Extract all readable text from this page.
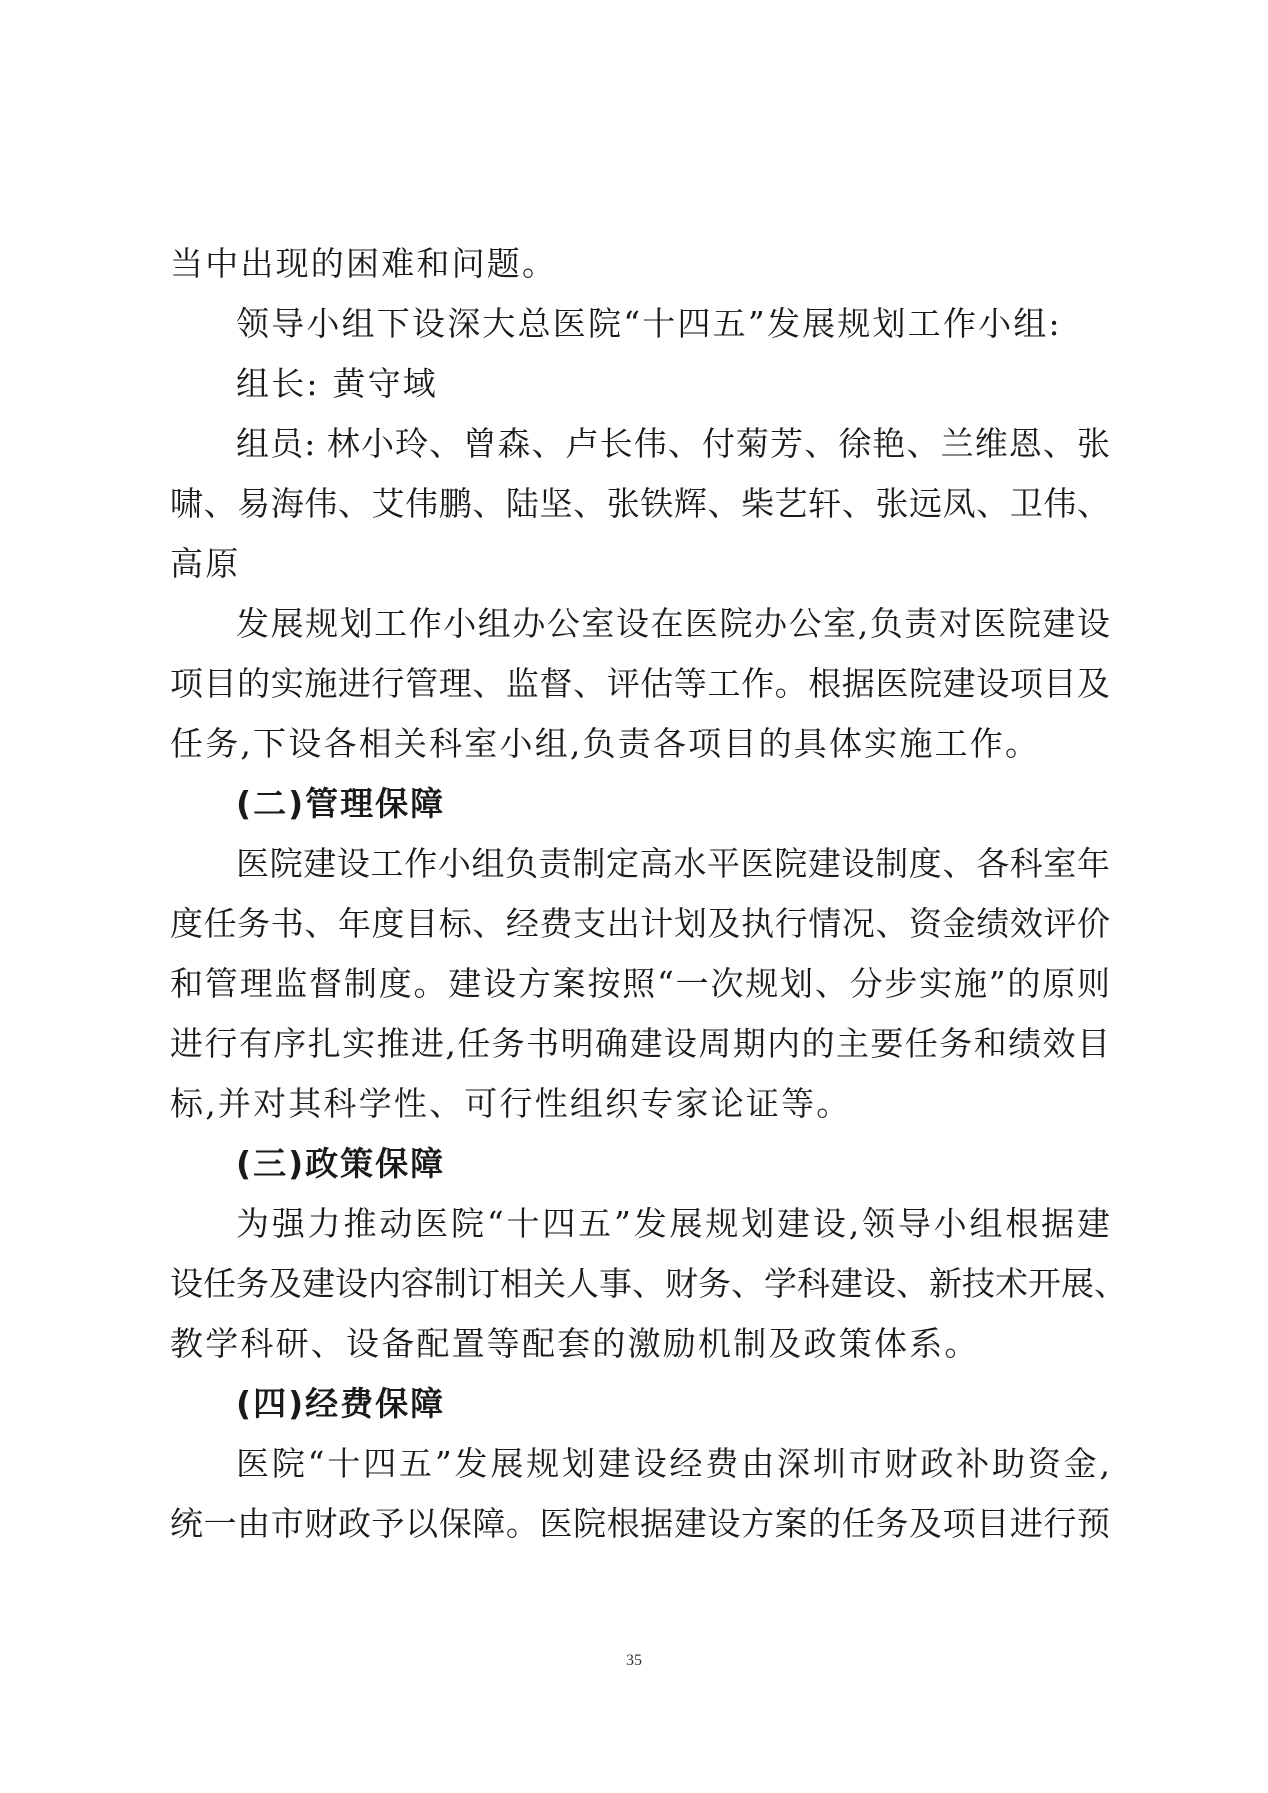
当中出现的困难和问题。
领导小组下设深大总医院“十四五”发展规划工作小组:
组长: 黄守域
组员: 林小玲、曾森、卢长伟、付菊芳、徐艳、兰维恩、张
啸、易海伟、艾伟鹏、陆坚、张铁辉、柴艺轩、张远凤、卫伟、
高原
发展规划工作小组办公室设在医院办公室,负责对医院建设
项目的实施进行管理、监督、评估等工作。根据医院建设项目及
任务,下设各相关科室小组,负责各项目的具体实施工作。
(二)管理保障
医院建设工作小组负责制定高水平医院建设制度、各科室年
度任务书、年度目标、经费支出计划及执行情况、资金绩效评价
和管理监督制度。建设方案按照“一次规划、分步实施”的原则
进行有序扎实推进,任务书明确建设周期内的主要任务和绩效目
标,并对其科学性、可行性组织专家论证等。
(三)政策保障
为强力推动医院“十四五”发展规划建设,领导小组根据建
设任务及建设内容制订相关人事、财务、学科建设、新技术开展、
教学科研、设备配置等配套的激励机制及政策体系。
(四)经费保障
医院“十四五”发展规划建设经费由深圳市财政补助资金,
统一由市财政予以保障。医院根据建设方案的任务及项目进行预
35
